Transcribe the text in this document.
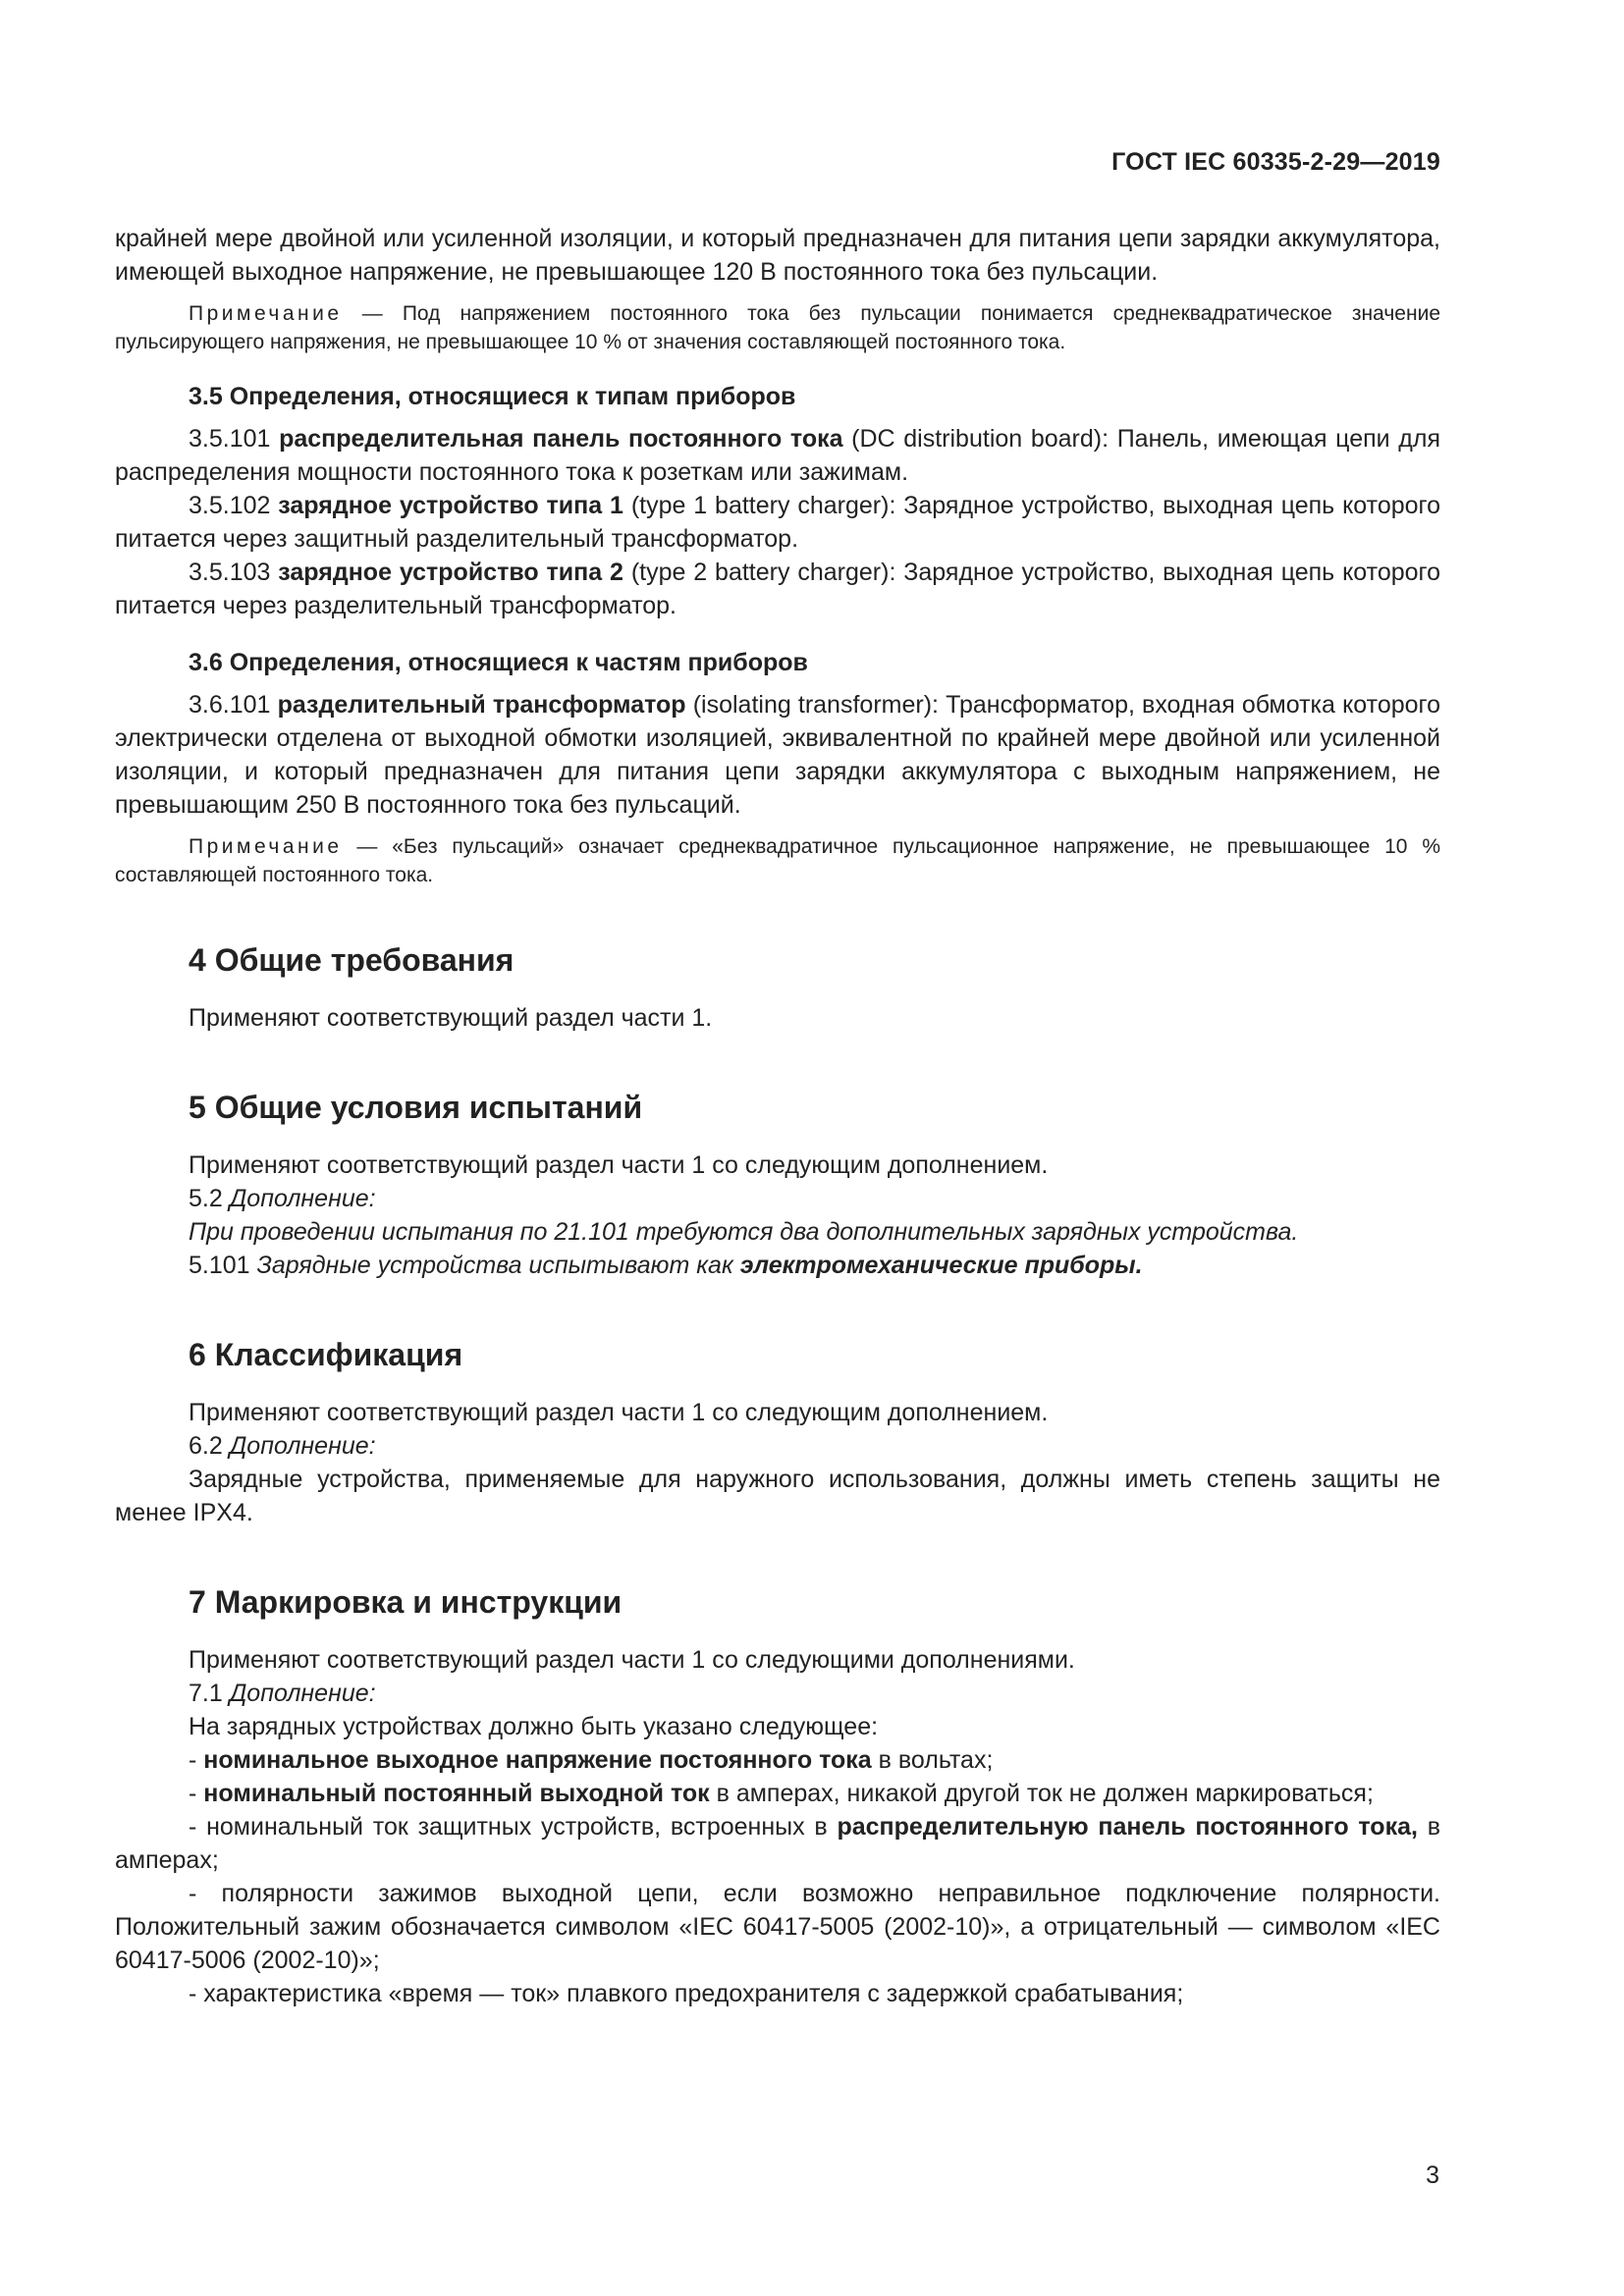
ГОСТ IEC 60335-2-29—2019

крайней мере двойной или усиленной изоляции, и который предназначен для питания цепи зарядки аккумулятора, имеющей выходное напряжение, не превышающее 120 В постоянного тока без пульсации.

Примечание — Под напряжением постоянного тока без пульсации понимается среднеквадратическое значение пульсирующего напряжения, не превышающее 10 % от значения составляющей постоянного тока.

3.5 Определения, относящиеся к типам приборов

3.5.101 распределительная панель постоянного тока (DC distribution board): Панель, имеющая цепи для распределения мощности постоянного тока к розеткам или зажимам.

3.5.102 зарядное устройство типа 1 (type 1 battery charger): Зарядное устройство, выходная цепь которого питается через защитный разделительный трансформатор.

3.5.103 зарядное устройство типа 2 (type 2 battery charger): Зарядное устройство, выходная цепь которого питается через разделительный трансформатор.

3.6 Определения, относящиеся к частям приборов

3.6.101 разделительный трансформатор (isolating transformer): Трансформатор, входная обмотка которого электрически отделена от выходной обмотки изоляцией, эквивалентной по крайней мере двойной или усиленной изоляции, и который предназначен для питания цепи зарядки аккумулятора с выходным напряжением, не превышающим 250 В постоянного тока без пульсаций.

Примечание — «Без пульсаций» означает среднеквадратичное пульсационное напряжение, не превышающее 10 % составляющей постоянного тока.

4 Общие требования

Применяют соответствующий раздел части 1.

5 Общие условия испытаний

Применяют соответствующий раздел части 1 со следующим дополнением.

5.2 Дополнение:

При проведении испытания по 21.101 требуются два дополнительных зарядных устройства.

5.101 Зарядные устройства испытывают как электромеханические приборы.

6 Классификация

Применяют соответствующий раздел части 1 со следующим дополнением.

6.2 Дополнение:

Зарядные устройства, применяемые для наружного использования, должны иметь степень защиты не менее IPX4.

7 Маркировка и инструкции

Применяют соответствующий раздел части 1 со следующими дополнениями.

7.1 Дополнение:

На зарядных устройствах должно быть указано следующее:

- номинальное выходное напряжение постоянного тока в вольтах;

- номинальный постоянный выходной ток в амперах, никакой другой ток не должен маркироваться;

- номинальный ток защитных устройств, встроенных в распределительную панель постоянного тока, в амперах;

- полярности зажимов выходной цепи, если возможно неправильное подключение полярности. Положительный зажим обозначается символом «IEC 60417-5005 (2002-10)», а отрицательный — символом «IEC 60417-5006 (2002-10)»;

- характеристика «время — ток» плавкого предохранителя с задержкой срабатывания;

3
